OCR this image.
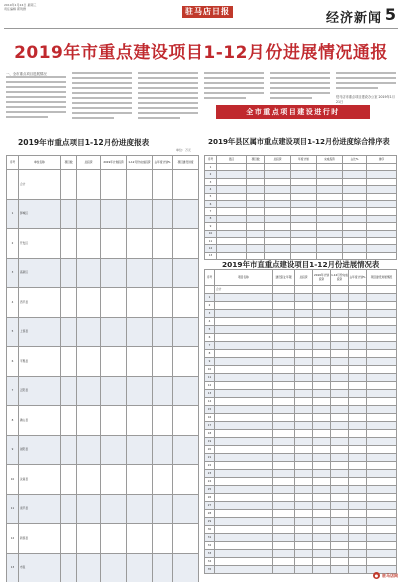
2019年1月24日 星期三
责任编辑 郭利群	驻马店日报	经济新闻 5
2019年市重点建设项目1-12月份进展情况通报
一、全市重点项目进展情况
驻马店市重点项目建设办公室 2019年1月21日
全市重点项目建设进行时
2019年市重点项目1-12月份进度报表
单位：万元
序号	单位名称	项目数	总投资	2019年计划投资	1-12月份完成投资	占年度计划%	项目建设进度
	合计						
1	驿城区						
2	开发区						
3	高新区						
4	西平县						
5	上蔡县						
6	平舆县						
7	正阳县						
8	确山县						
9	泌阳县						
10	汝南县						
11	遂平县						
12	新蔡县						
13	市直						
2019年县区属市重点建设项目1-12月份进度综合排序表
序号	县区	项目数	总投资	年度计划	完成投资	占比%	排序
1							
2							
3							
4							
5							
6							
7							
8							
9							
10							
11							
12							
13							
2019年市直重点建设项目1-12月份进展情况表
序号	项目名称	建设起止年限	总投资	2019年计划投资	1-12月份完成投资	占年度计划%	项目建设进展情况
	合计						
1							
2							
3							
4							
5							
6							
7							
8							
9							
10							
11							
12							
13							
14							
15							
16							
17							
18							
19							
20							
21							
22							
23							
24							
25							
26							
27							
28							
29							
30							
31							
32							
33							
34							
35							
● 驻马店网
